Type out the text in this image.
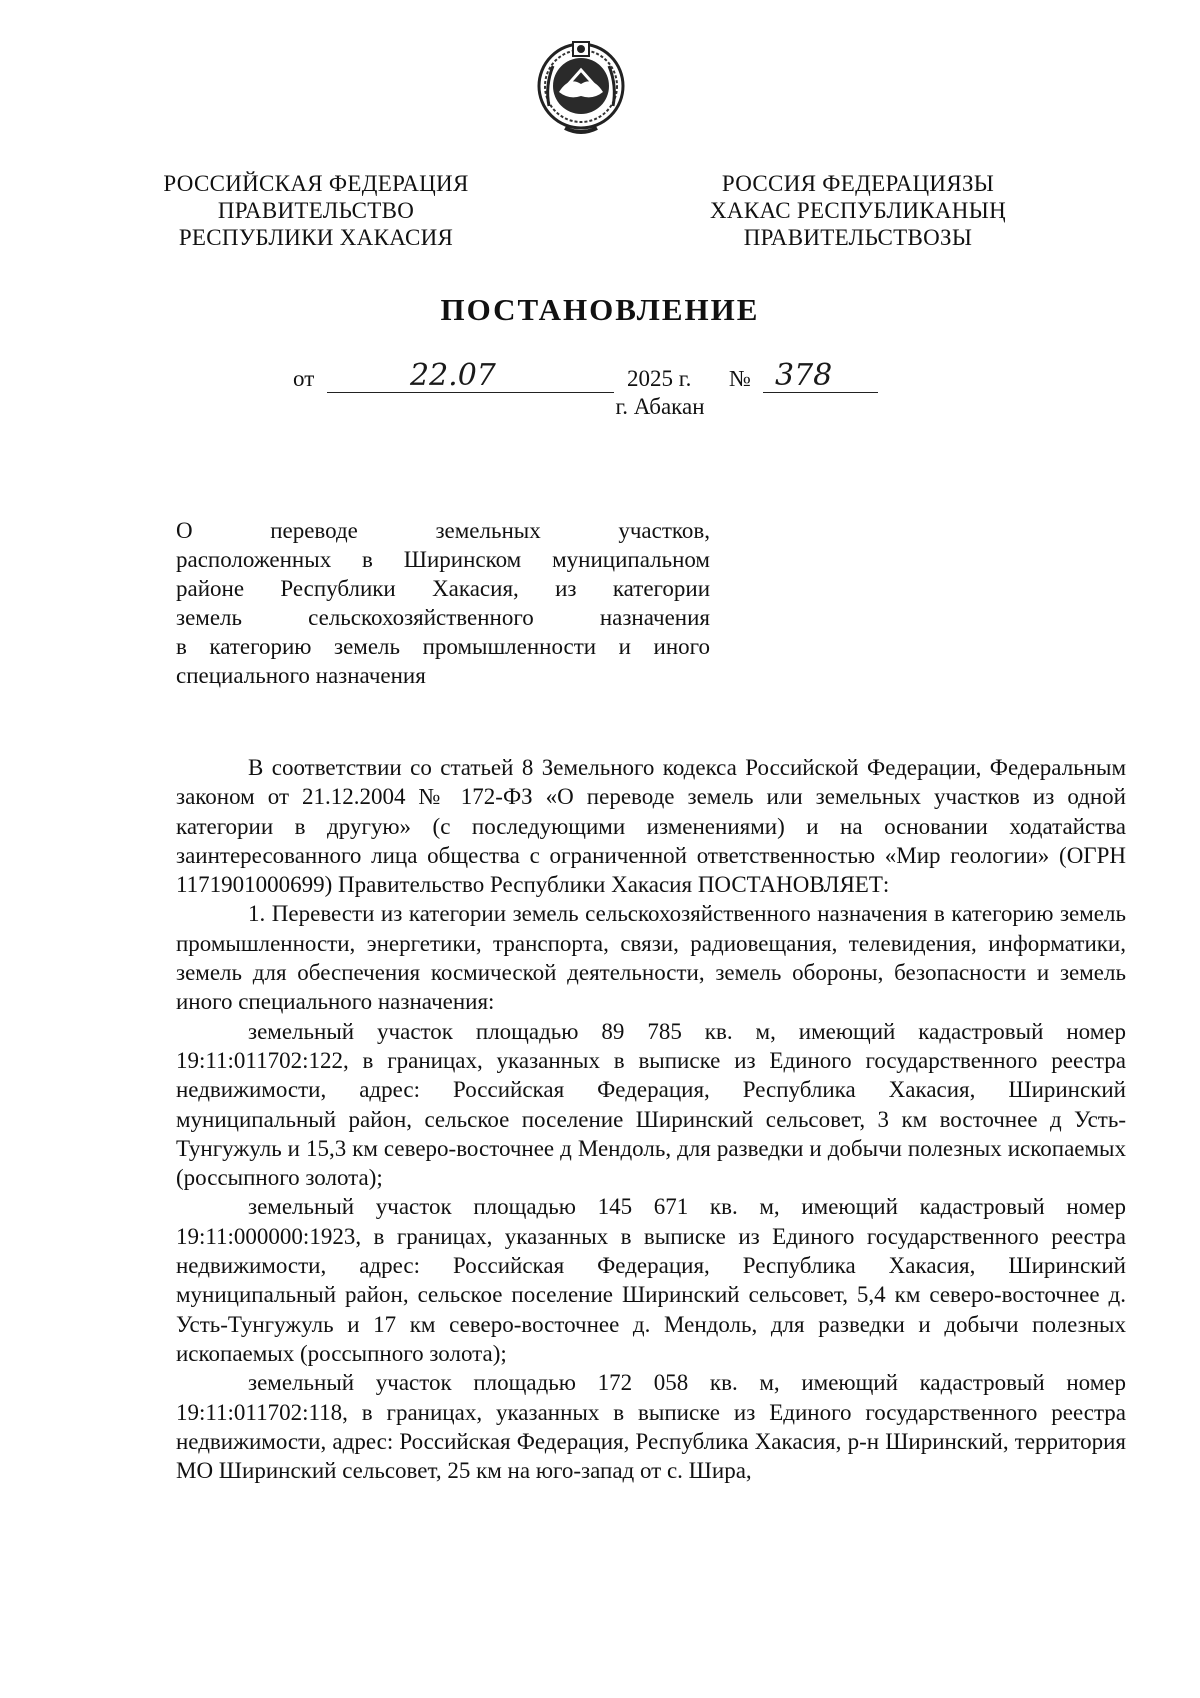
РОССИЙСКАЯ ФЕДЕРАЦИЯ
ПРАВИТЕЛЬСТВО
РЕСПУБЛИКИ ХАКАСИЯ
РОССИЯ ФЕДЕРАЦИЯЗЫ
ХАКАС РЕСПУБЛИКАНЫҢ
ПРАВИТЕЛЬСТВОЗЫ
ПОСТАНОВЛЕНИЕ
от	22.07	2025 г. № 378
г. Абакан
О переводе земельных участков,
расположенных в Ширинском муниципальном
районе Республики Хакасия, из категории
земель сельскохозяйственного назначения
в категорию земель промышленности и иного
специального назначения

В соответствии со статьей 8 Земельного кодекса Российской Федерации, Федеральным законом от 21.12.2004 № 172-ФЗ «О переводе земель или земельных участков из одной категории в другую» (с последующими изменениями) и на основании ходатайства заинтересованного лица общества с ограниченной ответственностью «Мир геологии» (ОГРН 1171901000699) Правительство Республики Хакасия ПОСТАНОВЛЯЕТ:

1. Перевести из категории земель сельскохозяйственного назначения в категорию земель промышленности, энергетики, транспорта, связи, радиовещания, телевидения, информатики, земель для обеспечения космической деятельности, земель обороны, безопасности и земель иного специального назначения:

земельный участок площадью 89 785 кв. м, имеющий кадастровый номер 19:11:011702:122, в границах, указанных в выписке из Единого государственного реестра недвижимости, адрес: Российская Федерация, Республика Хакасия, Ширинский муниципальный район, сельское поселение Ширинский сельсовет, 3 км восточнее д Усть-Тунгужуль и 15,3 км северо-восточнее д Мендоль, для разведки и добычи полезных ископаемых (россыпного золота);

земельный участок площадью 145 671 кв. м, имеющий кадастровый номер 19:11:000000:1923, в границах, указанных в выписке из Единого государственного реестра недвижимости, адрес: Российская Федерация, Республика Хакасия, Ширинский муниципальный район, сельское поселение Ширинский сельсовет, 5,4 км северо-восточнее д. Усть-Тунгужуль и 17 км северо-восточнее д. Мендоль, для разведки и добычи полезных ископаемых (россыпного золота);

земельный участок площадью 172 058 кв. м, имеющий кадастровый номер 19:11:011702:118, в границах, указанных в выписке из Единого государственного реестра недвижимости, адрес: Российская Федерация, Республика Хакасия, р-н Ширинский, территория МО Ширинский сельсовет, 25 км на юго-запад от с. Шира,
